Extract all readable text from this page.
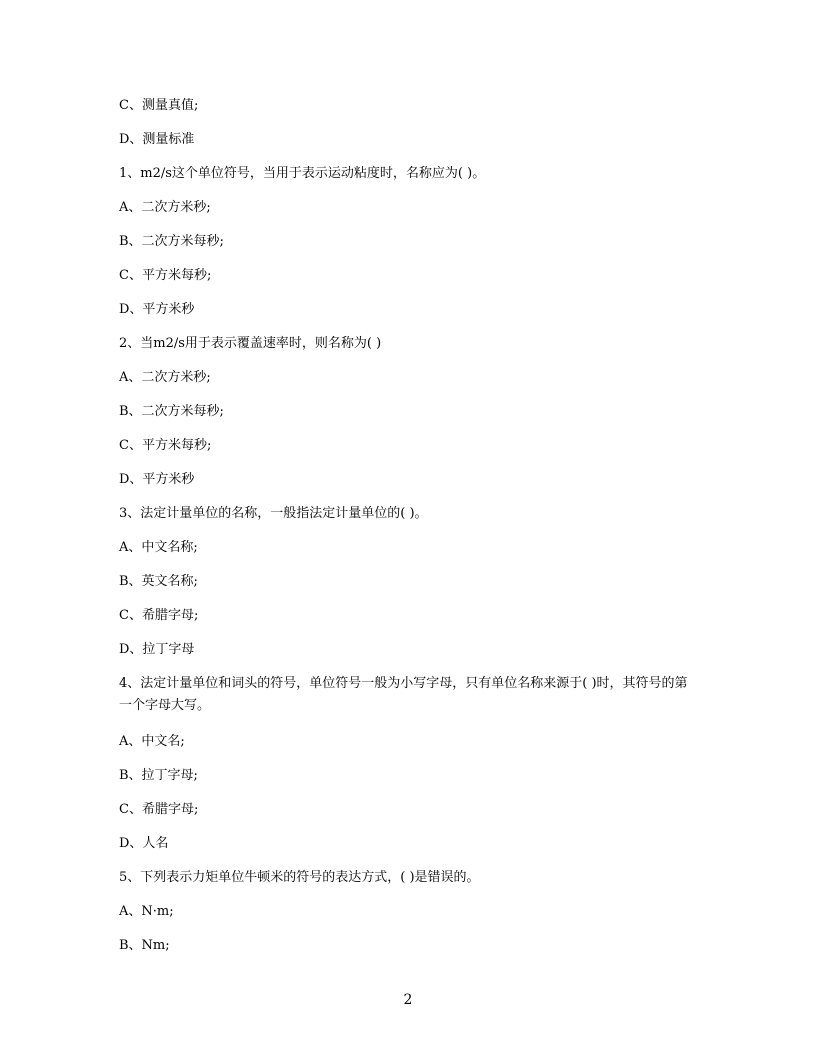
C、测量真值;
D、测量标准
1、m2/s这个单位符号，当用于表示运动粘度时，名称应为( )。
A、二次方米秒;
B、二次方米每秒;
C、平方米每秒;
D、平方米秒
2、当m2/s用于表示覆盖速率时，则名称为( )
A、二次方米秒;
B、二次方米每秒;
C、平方米每秒;
D、平方米秒
3、法定计量单位的名称，一般指法定计量单位的( )。
A、中文名称;
B、英文名称;
C、希腊字母;
D、拉丁字母
4、法定计量单位和词头的符号，单位符号一般为小写字母，只有单位名称来源于( )时，其符号的第一个字母大写。
A、中文名;
B、拉丁字母;
C、希腊字母;
D、人名
5、下列表示力矩单位牛顿米的符号的表达方式，( )是错误的。
A、N·m;
B、Nm;
2
